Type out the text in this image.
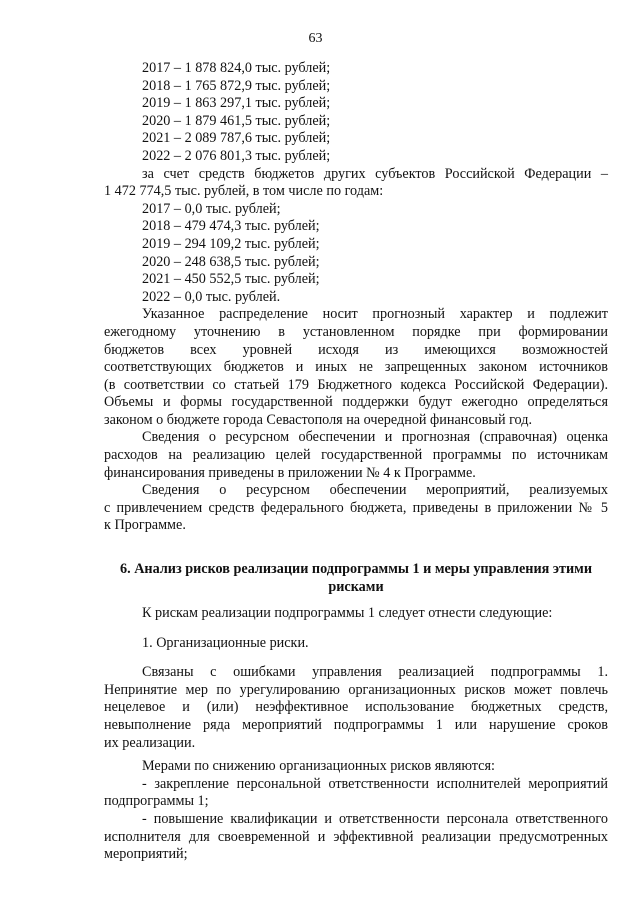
63
2017 – 1 878 824,0 тыс. рублей;
2018 – 1 765 872,9 тыс. рублей;
2019 – 1 863 297,1 тыс. рублей;
2020 – 1 879 461,5 тыс. рублей;
2021 – 2 089 787,6 тыс. рублей;
2022 – 2 076 801,3 тыс. рублей;
за счет средств бюджетов других субъектов Российской Федерации –
1 472 774,5 тыс. рублей, в том числе по годам:
2017 – 0,0 тыс. рублей;
2018 – 479 474,3 тыс. рублей;
2019 – 294 109,2 тыс. рублей;
2020 – 248 638,5 тыс. рублей;
2021 – 450 552,5 тыс. рублей;
2022 – 0,0 тыс. рублей.
Указанное распределение носит прогнозный характер и подлежит
ежегодному уточнению в установленном порядке при формировании
бюджетов всех уровней исходя из имеющихся возможностей
соответствующих бюджетов и иных не запрещенных законом источников
(в соответствии со статьей 179 Бюджетного кодекса Российской Федерации).
Объемы и формы государственной поддержки будут ежегодно определяться
законом о бюджете города Севастополя на очередной финансовый год.
Сведения о ресурсном обеспечении и прогнозная (справочная) оценка
расходов на реализацию целей государственной программы по источникам
финансирования приведены в приложении № 4 к Программе.
Сведения о ресурсном обеспечении мероприятий, реализуемых
с привлечением средств федерального бюджета, приведены в приложении № 5
к Программе.
6. Анализ рисков реализации подпрограммы 1 и меры управления этими
рисками
К рискам реализации подпрограммы 1 следует отнести следующие:
1. Организационные риски.
Связаны с ошибками управления реализацией подпрограммы 1.
Непринятие мер по урегулированию организационных рисков может повлечь
нецелевое и (или) неэффективное использование бюджетных средств,
невыполнение ряда мероприятий подпрограммы 1 или нарушение сроков
их реализации.
Мерами по снижению организационных рисков являются:
- закрепление персональной ответственности исполнителей мероприятий
подпрограммы 1;
- повышение квалификации и ответственности персонала ответственного
исполнителя для своевременной и эффективной реализации предусмотренных
мероприятий;
